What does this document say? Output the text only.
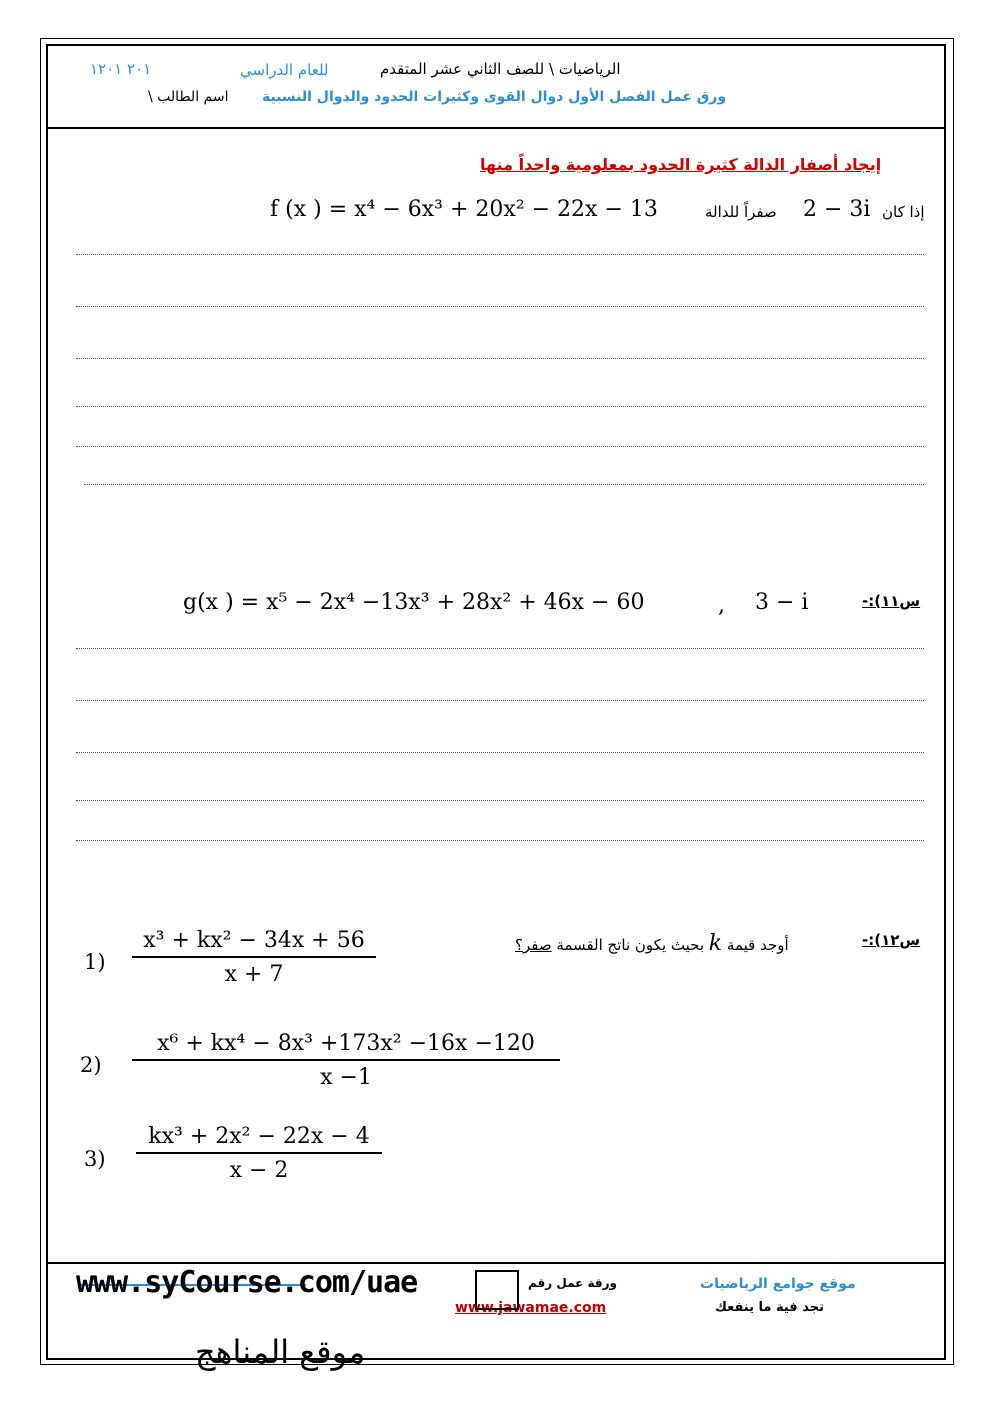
الرياضيات \ للصف الثاني عشر المتقدم
للعام الدراسي
٢٠١ ١٢٠١
ورق عمل الفصل الأول دوال القوى وكثيرات الحدود والدوال النسبية
اسم الطالب \
إيجاد أصفار الدالة كثيرة الحدود بمعلومية واحداً منها
إذا كان
2 − 3i
صفراً للدالة
f (x ) = x⁴ − 6x³ + 20x² − 22x − 13
س١١):-
3 − i
,
g(x ) = x⁵ − 2x⁴ −13x³ + 28x² + 46x − 60
س١٢):-
أوجد قيمة k بحيث يكون ناتج القسمة صفر؟
1)
x³ + kx² − 34x + 56
x + 7
2)
x⁶ + kx⁴ − 8x³ +173x² −16x −120
x −1
3)
kx³ + 2x² − 22x − 4
x − 2
موقع جوامع الرياضيات
تجد فية ما ينفعك
ورقة عمل رقم
www.jawamae.com
www.syCourse.com/uae
موقع المناهج
